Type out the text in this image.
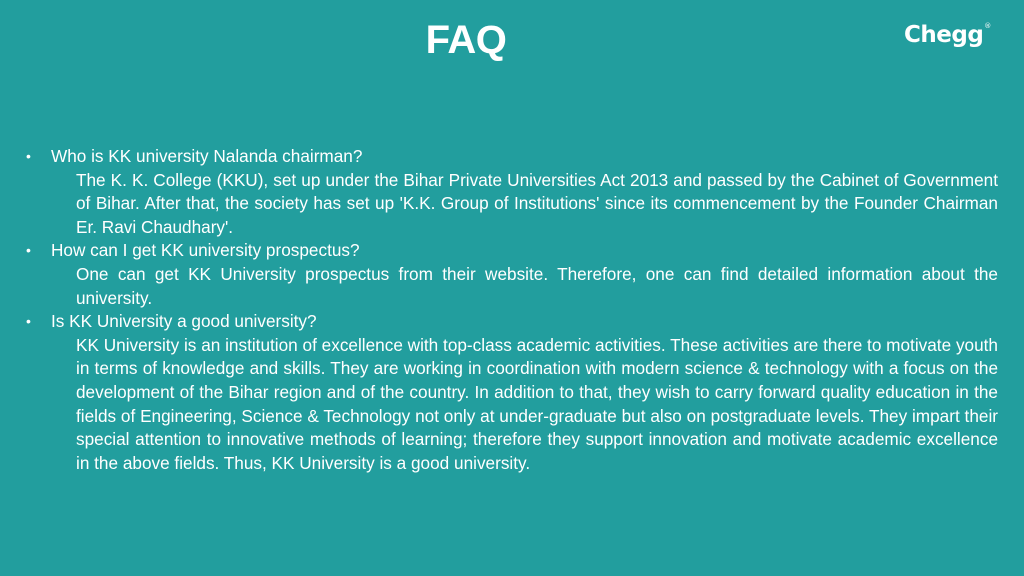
FAQ	Chegg®
• Who is KK university Nalanda chairman?
The K. K. College (KKU), set up under the Bihar Private Universities Act 2013 and passed by the Cabinet of Government of Bihar. After that, the society has set up 'K.K. Group of Institutions' since its commencement by the Founder Chairman Er. Ravi Chaudhary'.
• How can I get KK university prospectus?
One can get KK University prospectus from their website. Therefore, one can find detailed information about the university.
• Is KK University a good university?
KK University is an institution of excellence with top-class academic activities. These activities are there to motivate youth in terms of knowledge and skills. They are working in coordination with modern science & technology with a focus on the development of the Bihar region and of the country. In addition to that, they wish to carry forward quality education in the fields of Engineering, Science & Technology not only at under-graduate but also on postgraduate levels. They impart their special attention to innovative methods of learning; therefore they support innovation and motivate academic excellence in the above fields. Thus, KK University is a good university.
